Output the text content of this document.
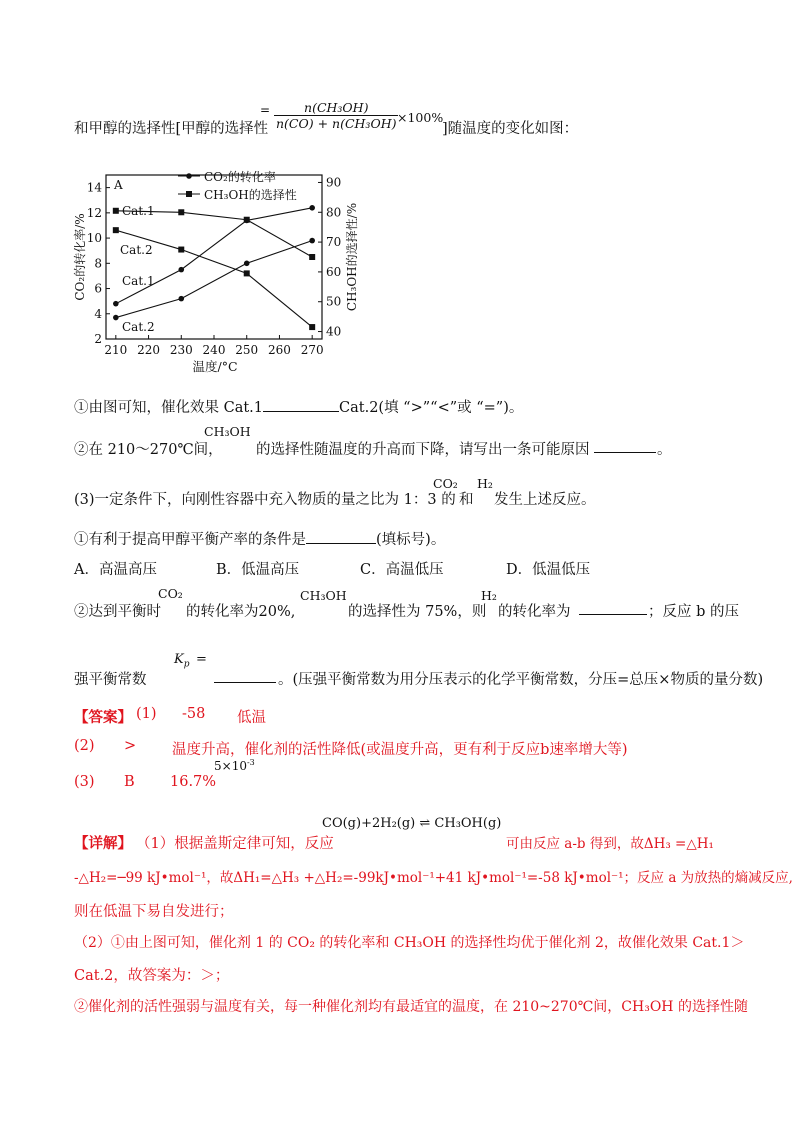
和甲醇的选择性[甲醇的选择性
= $\frac{\text{n(CH₃OH)}}{\text{n(CO) + n(CH₃OH)}}$
×100%
]随温度的变化如图：
210 220 230 240 250 260 270
2
4
6
8
10
12
14
40
50
60
70
80
90
温度/°C
CO₂的转化率/%	CH₃OH的选择性/%
A
CO₂的转化率
CH₃OH的选择性
Cat.1
Cat.2
Cat.1
Cat.2
①由图可知，催化效果 Cat.1	Cat.2(填 “>”“<”或 “=”)。
②在 210～270℃间，
CH₃OH
的选择性随温度的升高而下降，请写出一条可能原因	。
(3)一定条件下，向刚性容器中充入物质的量之比为 1：3 的
CO₂
和
H₂
发生上述反应。
①有利于提高甲醇平衡产率的条件是	(填标号)。
A．高温高压	B．低温高压	C．高温低压	D．低温低压
②达到平衡时
CO₂
的转化率为20%,
CH₃OH
的选择性为 75%，则
H₂
的转化率为	；反应 b 的压
强平衡常数
$K_p$ =
。(压强平衡常数为用分压表示的化学平衡常数，分压=总压×物质的量分数)
【答案】 (1) -58 低温
(2) > 温度升高，催化剂的活性降低(或温度升高，更有利于反应b速率增大等)
(3) B 16.7%
$5\times 10^{-3}$
【详解】 （1）根据盖斯定律可知，反应
CO(g)+2H₂(g) ⇌ CH₃OH(g)
可由反应 a-b 得到，故ΔH₃ =△H₁
-△H₂=─99 kJ•mol⁻¹，故ΔH₁=△H₃ +△H₂=-99kJ•mol⁻¹+41 kJ•mol⁻¹=-58 kJ•mol⁻¹；反应 a 为放热的熵减反应,
则在低温下易自发进行；
（2）①由上图可知，催化剂 1 的 CO₂ 的转化率和 CH₃OH 的选择性均优于催化剂 2，故催化效果 Cat.1＞
Cat.2，故答案为：＞；
②催化剂的活性强弱与温度有关，每一种催化剂均有最适宜的温度，在 210~270℃间，CH₃OH 的选择性随
